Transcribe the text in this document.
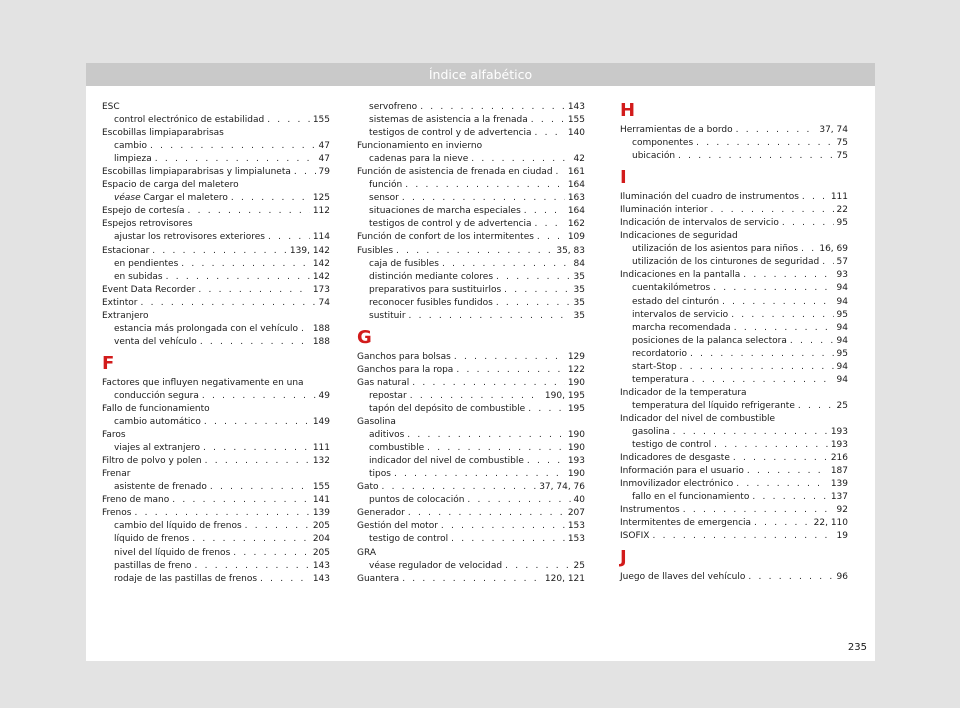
Índice alfabético
ESC
control electrónico de estabilidad . . .	155
Escobillas limpiaparabrisas
cambio . . .	47
limpieza . . .	47
Escobillas limpiaparabrisas y limpialuneta . . .	79
Espacio de carga del maletero
véase Cargar el maletero . . .	125
Espejo de cortesía . . .	112
Espejos retrovisores
ajustar los retrovisores exteriores . . .	114
Estacionar . . .	139, 142
en pendientes . . .	142
en subidas . . .	142
Event Data Recorder . . .	173
Extintor . . .	74
Extranjero
estancia más prolongada con el vehículo . . . 188
venta del vehículo . . .	188
F
Factores que influyen negativamente en una
conducción segura . . .	49
Fallo de funcionamiento
cambio automático . . .	149
Faros
viajes al extranjero . . .	111
Filtro de polvo y polen . . .	132
Frenar
asistente de frenado . . .	155
Freno de mano . . .	141
Frenos . . .	139
cambio del líquido de frenos . . .	205
líquido de frenos . . .	204
nivel del líquido de frenos . . .	205
pastillas de freno . . .	143
rodaje de las pastillas de frenos . . .	143
servofreno . . .	143
sistemas de asistencia a la frenada . . .	155
testigos de control y de advertencia . . .	140
Funcionamiento en invierno
cadenas para la nieve . . .	42
Función de asistencia de frenada en ciudad . . . 161
función . . .	164
sensor . . .	163
situaciones de marcha especiales . . .	164
testigos de control y de advertencia . . .	162
Función de confort de los intermitentes . . .	109
Fusibles . . .	35, 83
caja de fusibles . . .	84
distinción mediante colores . . .	35
preparativos para sustituirlos . . .	35
reconocer fusibles fundidos . . .	35
sustituir . . .	35
G
Ganchos para bolsas . . .	129
Ganchos para la ropa . . .	122
Gas natural . . .	190
repostar . . .	190, 195
tapón del depósito de combustible . . .	195
Gasolina
aditivos . . .	190
combustible . . .	190
indicador del nivel de combustible . . .	193
tipos . . .	190
Gato . . .	37, 74, 76
puntos de colocación . . .	40
Generador . . .	207
Gestión del motor . . .	153
testigo de control . . .	153
GRA
véase regulador de velocidad . . .	25
Guantera . . .	120, 121
H
Herramientas de a bordo . . .	37, 74
componentes . . .	75
ubicación . . .	75
I
Iluminación del cuadro de instrumentos . . .	111
Iluminación interior . . .	22
Indicación de intervalos de servicio . . .	95
Indicaciones de seguridad
utilización de los asientos para niños . . . 16, 69
utilización de los cinturones de seguridad . . . 57
Indicaciones en la pantalla . . .	93
cuentakilómetros . . .	94
estado del cinturón . . .	94
intervalos de servicio . . .	95
marcha recomendada . . .	94
posiciones de la palanca selectora . . .	94
recordatorio . . .	95
start-Stop . . .	94
temperatura . . .	94
Indicador de la temperatura
temperatura del líquido refrigerante . . .	25
Indicador del nivel de combustible
gasolina . . .	193
testigo de control . . .	193
Indicadores de desgaste . . .	216
Información para el usuario . . .	187
Inmovilizador electrónico . . .	139
fallo en el funcionamiento . . .	137
Instrumentos . . .	92
Intermitentes de emergencia . . .	22, 110
ISOFIX . . .	19
J
Juego de llaves del vehículo . . .	96
235
